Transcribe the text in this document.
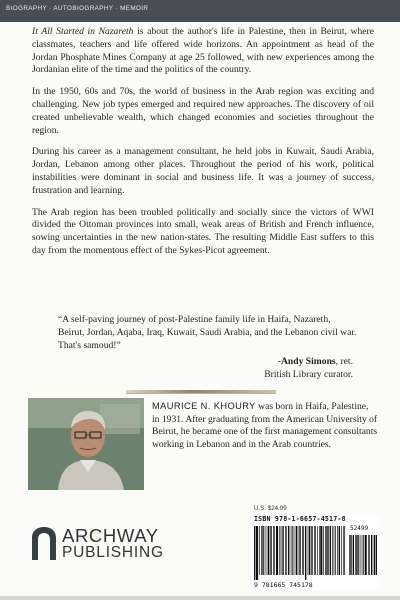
BIOGRAPHY · AUTOBIOGRAPHY · MEMOIR

It All Started in Nazareth is about the author's life in Palestine, then in Beirut, where classmates, teachers and life offered wide horizons. An appointment as head of the Jordan Phosphate Mines Company at age 25 followed, with new experiences among the Jordanian elite of the time and the politics of the country.

In the 1950, 60s and 70s, the world of business in the Arab region was exciting and challenging. New job types emerged and required new approaches. The discovery of oil created unbelievable wealth, which changed economies and societies throughout the region.

During his career as a management consultant, he held jobs in Kuwait, Saudi Arabia, Jordan, Lebanon among other places. Throughout the period of his work, political instabilities were dominant in social and business life. It was a journey of success, frustration and learning.

The Arab region has been troubled politically and socially since the victors of WWI divided the Ottoman provinces into small, weak areas of British and French influence, sowing uncertainties in the new nation-states. The resulting Middle East suffers to this day from the momentous effect of the Sykes-Picot agreement.

“A self-paving journey of post-Palestine family life in Haifa, Nazareth, Beirut, Jordan, Aqaba, Iraq, Kuwait, Saudi Arabia, and the Lebanon civil war. That's samoud!”

-Andy Simons, ret.
British Library curator.
MAURICE N. KHOURY was born in Haifa, Palestine, in 1931. After graduating from the American University of Beirut, he became one of the first management consultants working in Lebanon and in the Arab countries.
U.S. $24.99
ISBN 978-1-6657-4517-8
9 781665 745178
52499
ARCHWAY
PUBLISHING
